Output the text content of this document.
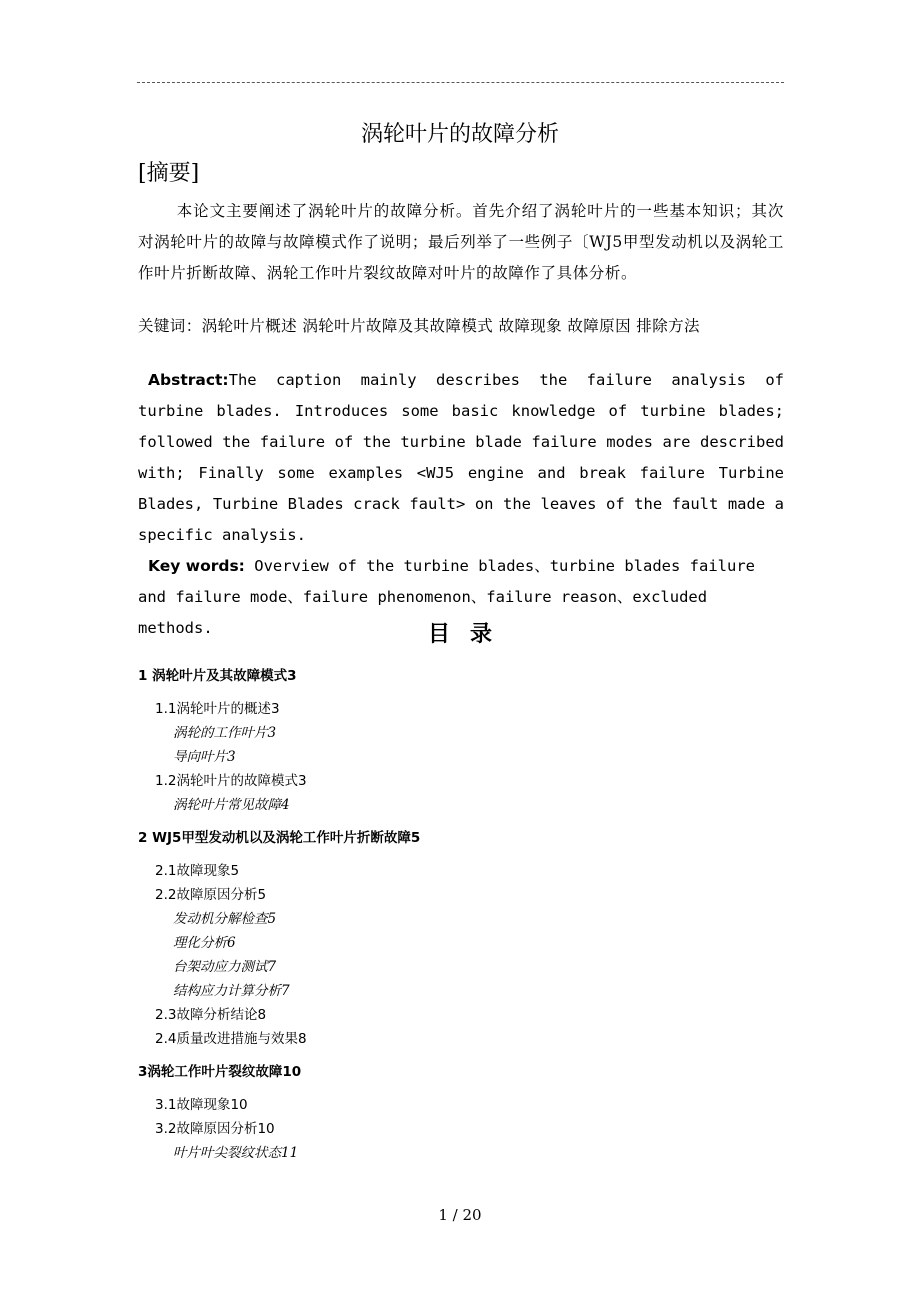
涡轮叶片的故障分析
[摘要]
本论文主要阐述了涡轮叶片的故障分析。首先介绍了涡轮叶片的一些基本知识；其次对涡轮叶片的故障与故障模式作了说明；最后列举了一些例子〔WJ5甲型发动机以及涡轮工作叶片折断故障、涡轮工作叶片裂纹故障对叶片的故障作了具体分析。
关键词：涡轮叶片概述 涡轮叶片故障及其故障模式 故障现象 故障原因 排除方法
Abstract:The caption mainly describes the failure analysis of turbine blades. Introduces some basic knowledge of turbine blades; followed the failure of the turbine blade failure modes are described with; Finally some examples <WJ5 engine and break failure Turbine Blades, Turbine Blades crack fault> on the leaves of the fault made a specific analysis.
Key words: Overview of the turbine blades、turbine blades failure and failure mode、failure phenomenon、failure reason、excluded methods.	目录
1 涡轮叶片及其故障模式3
1.1涡轮叶片的概述3
涡轮的工作叶片3
导向叶片3
1.2涡轮叶片的故障模式3
涡轮叶片常见故障4
2 WJ5甲型发动机以及涡轮工作叶片折断故障5
2.1故障现象5
2.2故障原因分析5
发动机分解检查5
理化分析6
台架动应力测试7
结构应力计算分析7
2.3故障分析结论8
2.4质量改进措施与效果8
3涡轮工作叶片裂纹故障10
3.1故障现象10
3.2故障原因分析10
叶片叶尖裂纹状态11
1 / 20
